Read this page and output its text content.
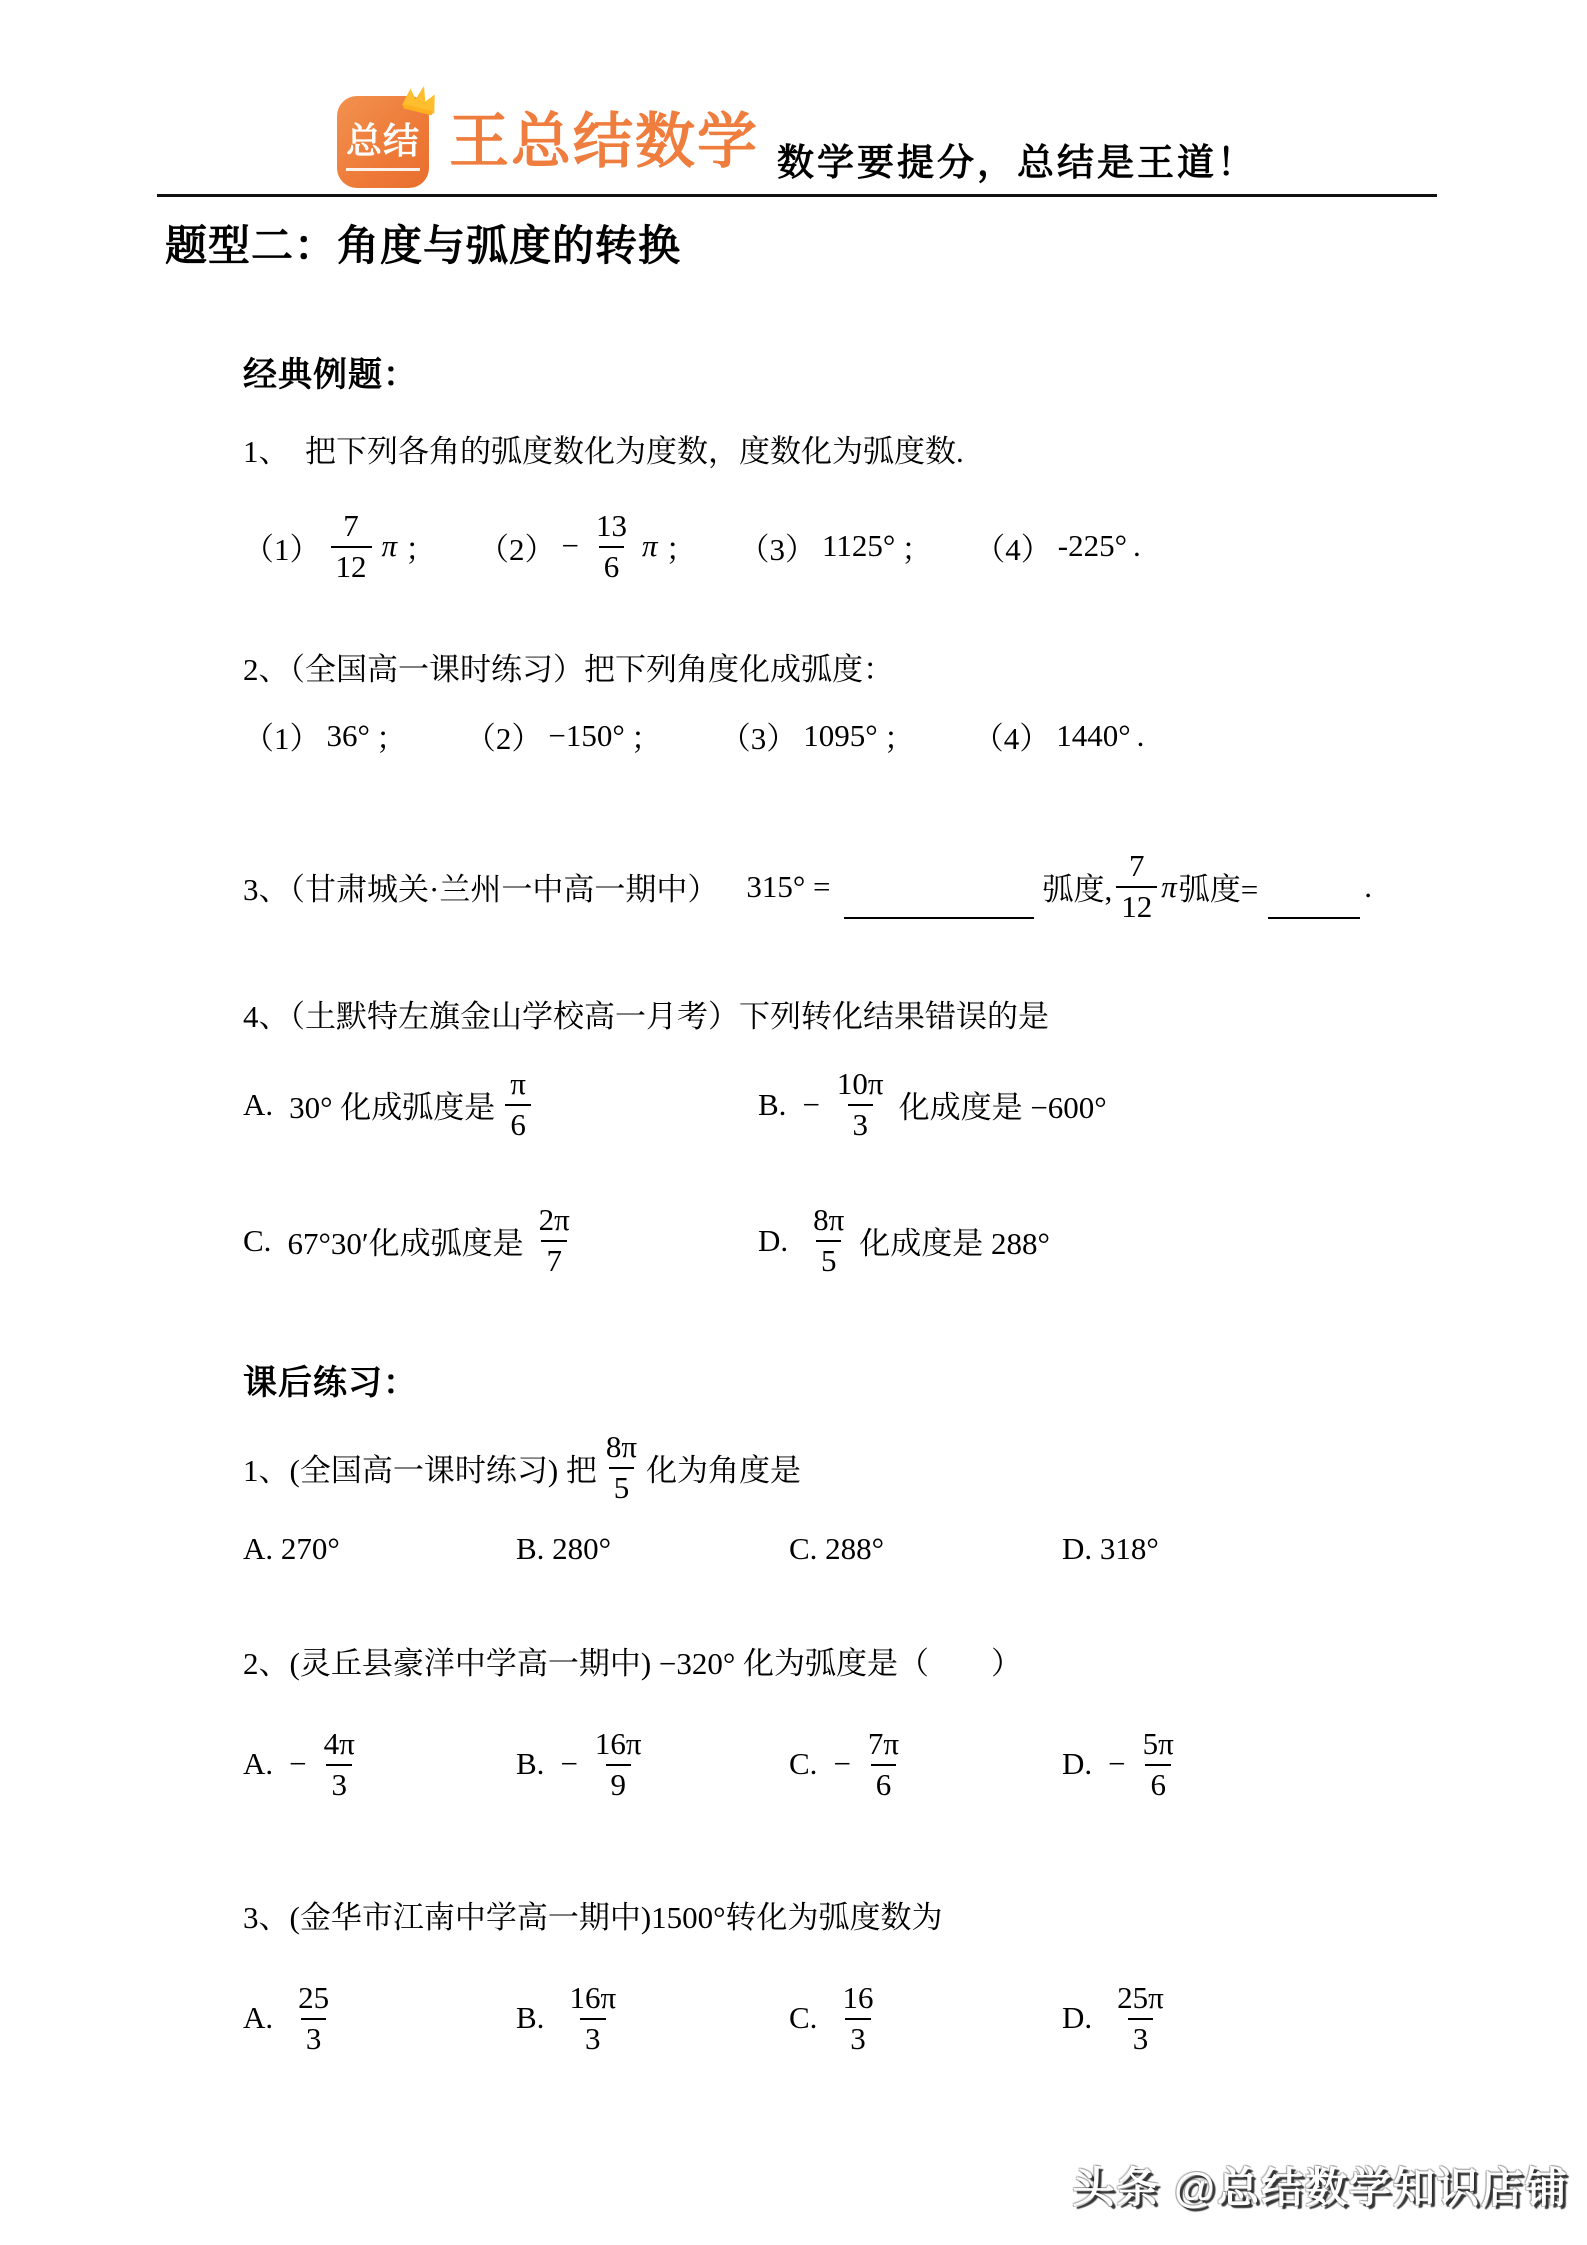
总结 王总结数学 数学要提分，总结是王道！
题型二：角度与弧度的转换
经典例题：
1、　把下列各角的弧度数化为度数，度数化为弧度数.
$(1) \frac{7}{12}$ π ； $(2) - \frac{13}{6}$ π ； （3） 1125° ； （4） -225° .
2、（全国高一课时练习）把下列角度化成弧度：
（1） 36° ； （2） −150° ； （3） 1095° ； （4） 1440° .
3、（甘肃城关·兰州一中高一期中） 315° =	弧度, $\frac{7}{12}$ π 弧度=	.
4、（土默特左旗金山学校高一月考）下列转化结果错误的是
A. 30° 化成弧度是 $\frac{\pi}{6}$	B. − $\frac{10\pi}{3}$ 化成度是 −600°
C. 67°30′化成弧度是 $\frac{2\pi}{7}$	D. $\frac{8\pi}{5}$ 化成度是 288°
课后练习：
1、(全国高一课时练习) 把 $\frac{8\pi}{5}$ 化为角度是
A. 270°	B. 280°	C. 288°	D. 318°
2、(灵丘县豪洋中学高一期中) −320° 化为弧度是（　　）
A. − $\frac{4\pi}{3}$	B. − $\frac{16\pi}{9}$	C. − $\frac{7\pi}{6}$	D. − $\frac{5\pi}{6}$
3、(金华市江南中学高一期中)1500°转化为弧度数为
A. $\frac{25}{3}$	B. $\frac{16\pi}{3}$	C. $\frac{16}{3}$	D. $\frac{25\pi}{3}$
头条 @总结数学知识店铺
